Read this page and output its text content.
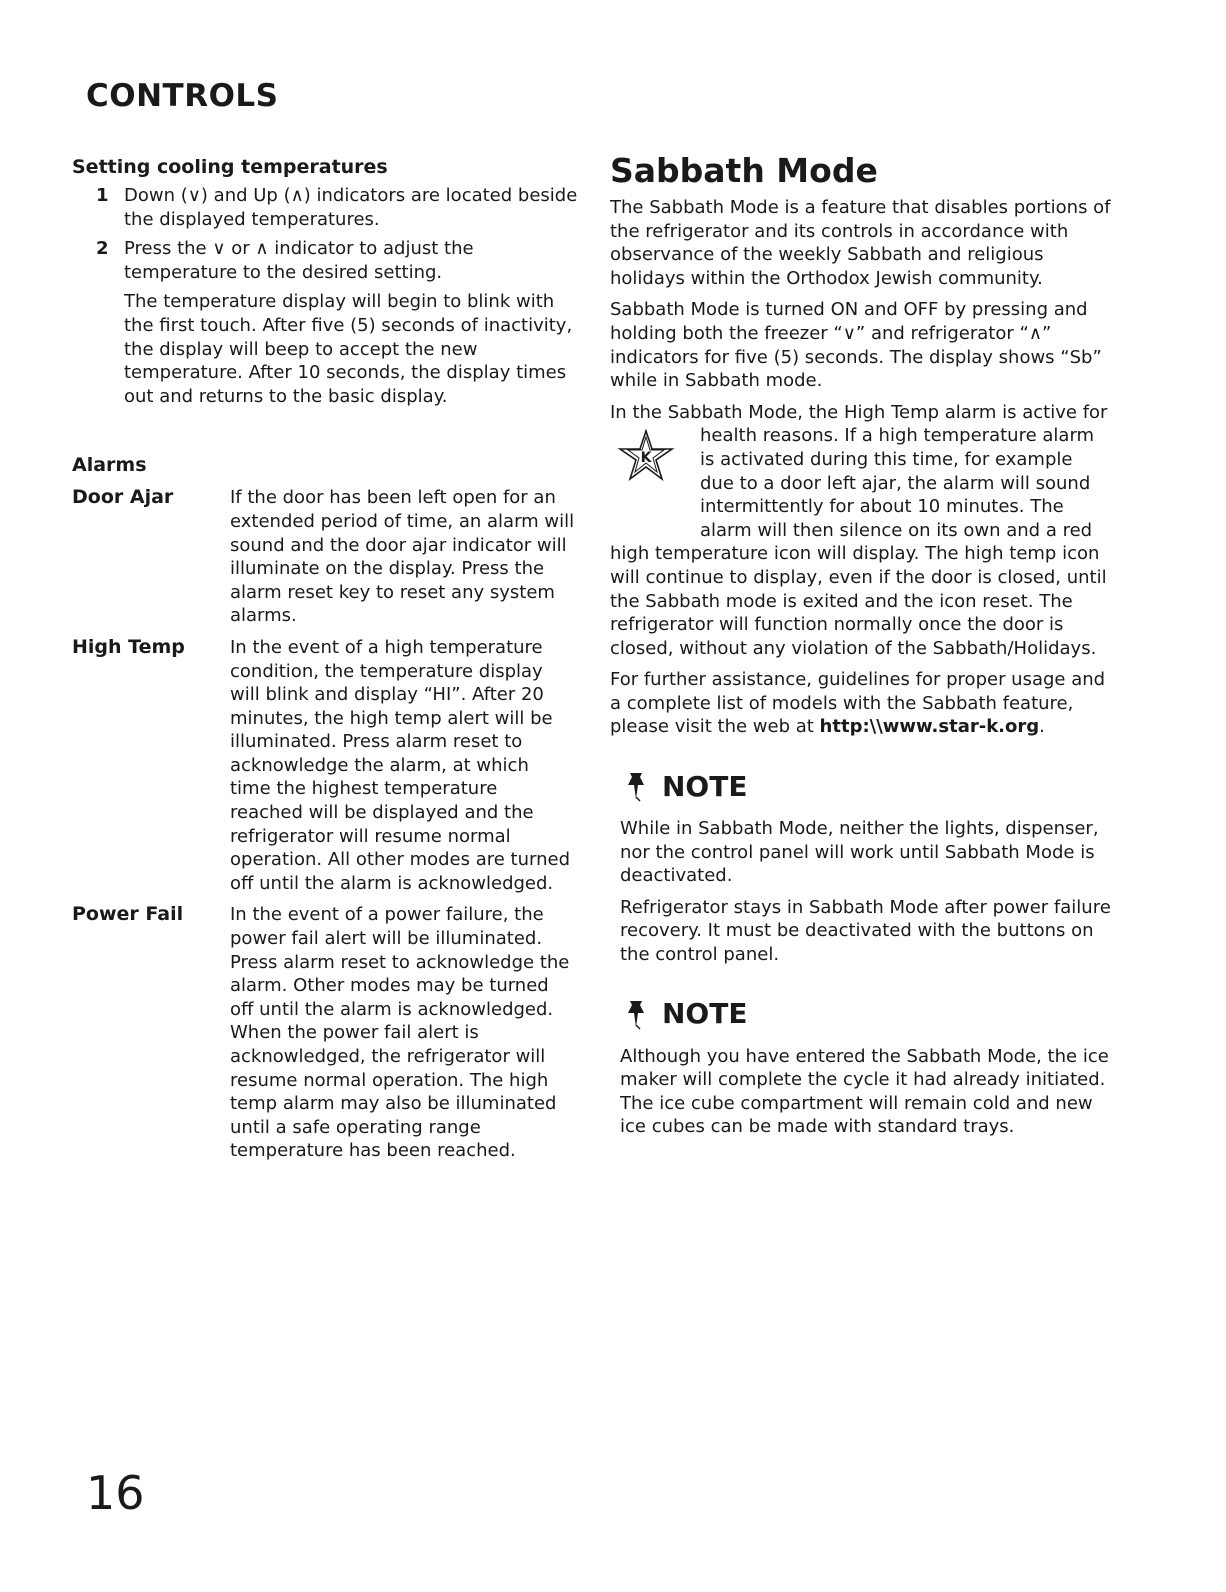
CONTROLS
Setting cooling temperatures
1 Down (∨) and Up (∧) indicators are located beside the displayed temperatures.
2 Press the ∨ or ∧ indicator to adjust the temperature to the desired setting.
The temperature display will begin to blink with the first touch. After five (5) seconds of inactivity, the display will beep to accept the new temperature. After 10 seconds, the display times out and returns to the basic display.
Alarms
Door Ajar	If the door has been left open for an extended period of time, an alarm will sound and the door ajar indicator will illuminate on the display. Press the alarm reset key to reset any system alarms.
High Temp	In the event of a high temperature condition, the temperature display will blink and display “HI”. After 20 minutes, the high temp alert will be illuminated. Press alarm reset to acknowledge the alarm, at which time the highest temperature reached will be displayed and the refrigerator will resume normal operation. All other modes are turned off until the alarm is acknowledged.
Power Fail	In the event of a power failure, the power fail alert will be illuminated. Press alarm reset to acknowledge the alarm. Other modes may be turned off until the alarm is acknowledged. When the power fail alert is acknowledged, the refrigerator will resume normal operation. The high temp alarm may also be illuminated until a safe operating range temperature has been reached.
Sabbath Mode

The Sabbath Mode is a feature that disables portions of the refrigerator and its controls in accordance with observance of the weekly Sabbath and religious holidays within the Orthodox Jewish community.

Sabbath Mode is turned ON and OFF by pressing and holding both the freezer “∨” and refrigerator “∧” indicators for five (5) seconds. The display shows “Sb” while in Sabbath mode.

K

In the Sabbath Mode, the High Temp alarm is active for
health reasons. If a high temperature alarm
is activated during this time, for example
due to a door left ajar, the alarm will sound
intermittently for about 10 minutes. The
alarm will then silence on its own and a red
high temperature icon will display. The high temp icon will continue to display, even if the door is closed, until the Sabbath mode is exited and the icon reset. The refrigerator will function normally once the door is closed, without any violation of the Sabbath/Holidays.

For further assistance, guidelines for proper usage and a complete list of models with the Sabbath feature, please visit the web at http:\\www.star-k.org.

NOTE

While in Sabbath Mode, neither the lights, dispenser, nor the control panel will work until Sabbath Mode is deactivated.

Refrigerator stays in Sabbath Mode after power failure recovery. It must be deactivated with the buttons on the control panel.

NOTE

Although you have entered the Sabbath Mode, the ice maker will complete the cycle it had already initiated. The ice cube compartment will remain cold and new ice cubes can be made with standard trays.

16
